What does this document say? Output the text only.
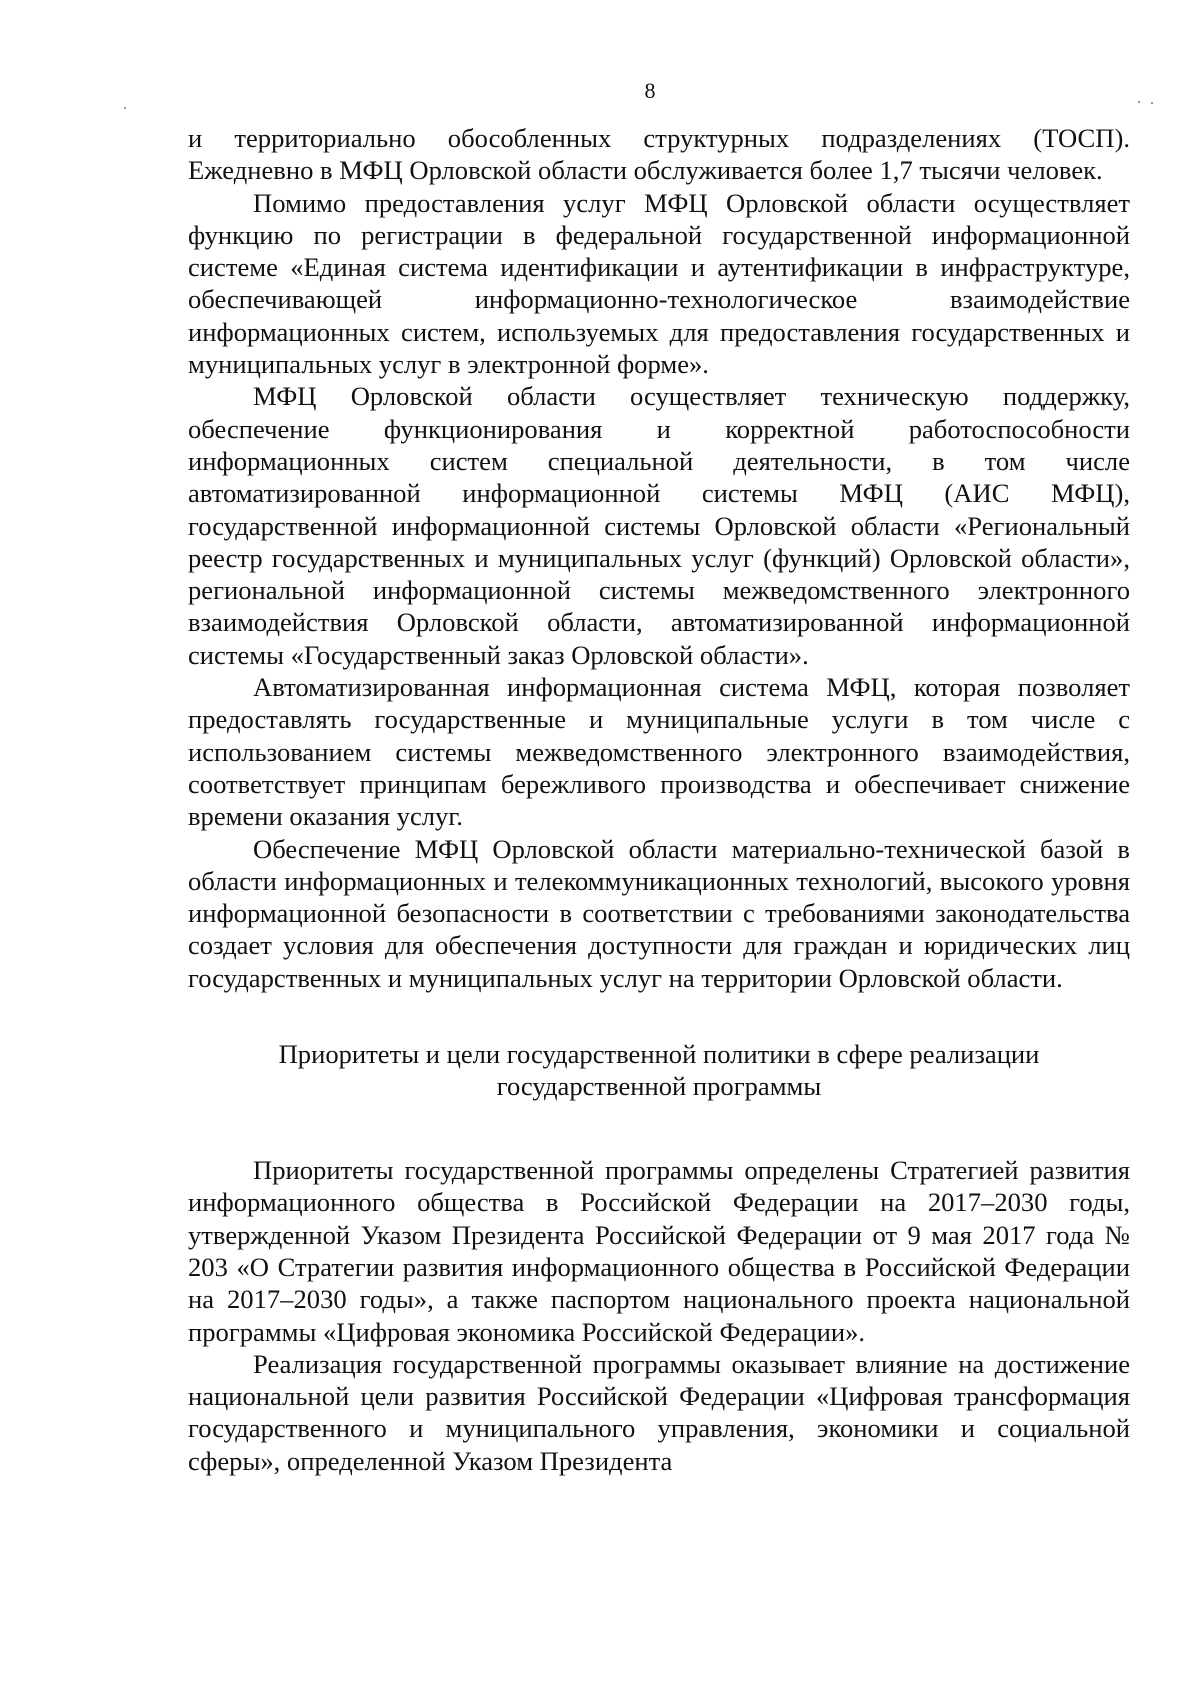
8

и территориально обособленных структурных подразделениях (ТОСП). Ежедневно в МФЦ Орловской области обслуживается более 1,7 тысячи человек.

Помимо предоставления услуг МФЦ Орловской области осуществляет функцию по регистрации в федеральной государственной информационной системе «Единая система идентификации и аутентификации в инфраструктуре, обеспечивающей информационно-технологическое взаимодействие информационных систем, используемых для предоставления государственных и муниципальных услуг в электронной форме».

МФЦ Орловской области осуществляет техническую поддержку, обеспечение функционирования и корректной работоспособности информационных систем специальной деятельности, в том числе автоматизированной информационной системы МФЦ (АИС МФЦ), государственной информационной системы Орловской области «Региональный реестр государственных и муниципальных услуг (функций) Орловской области», региональной информационной системы межведомственного электронного взаимодействия Орловской области, автоматизированной информационной системы «Государственный заказ Орловской области».

Автоматизированная информационная система МФЦ, которая позволяет предоставлять государственные и муниципальные услуги в том числе с использованием системы межведомственного электронного взаимодействия, соответствует принципам бережливого производства и обеспечивает снижение времени оказания услуг.

Обеспечение МФЦ Орловской области материально-технической базой в области информационных и телекоммуникационных технологий, высокого уровня информационной безопасности в соответствии с требованиями законодательства создает условия для обеспечения доступности для граждан и юридических лиц государственных и муниципальных услуг на территории Орловской области.

Приоритеты и цели государственной политики в сфере реализации
государственной программы

Приоритеты государственной программы определены Стратегией развития информационного общества в Российской Федерации на 2017–2030 годы, утвержденной Указом Президента Российской Федерации от 9 мая 2017 года № 203 «О Стратегии развития информационного общества в Российской Федерации на 2017–2030 годы», а также паспортом национального проекта национальной программы «Цифровая экономика Российской Федерации».

Реализация государственной программы оказывает влияние на достижение национальной цели развития Российской Федерации «Цифровая трансформация государственного и муниципального управления, экономики и социальной сферы», определенной Указом Президента
